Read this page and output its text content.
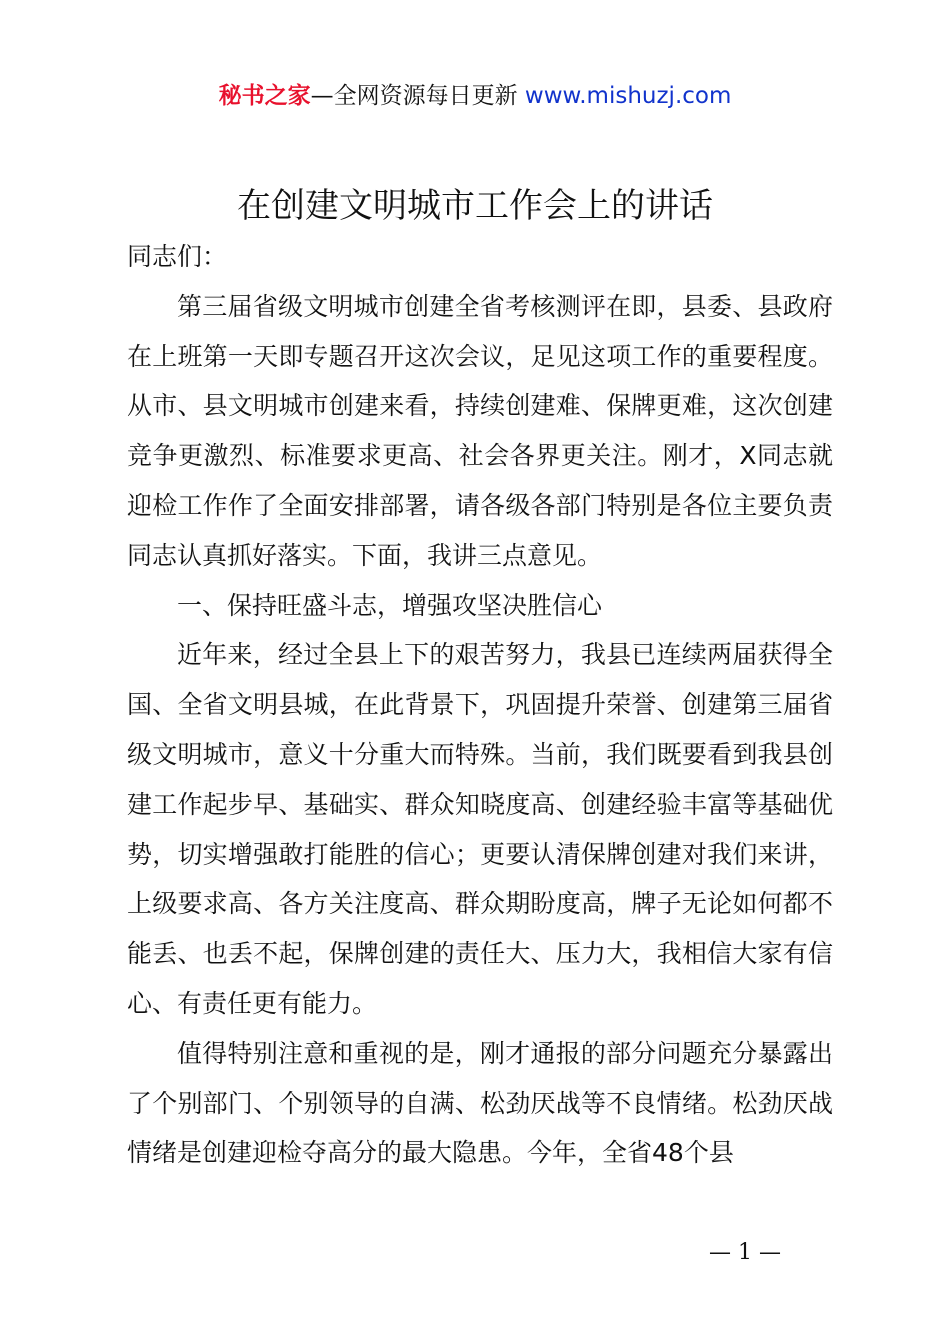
秘书之家—全网资源每日更新 www.mishuzj.com
在创建文明城市工作会上的讲话

同志们：

第三届省级文明城市创建全省考核测评在即，县委、县政府在上班第一天即专题召开这次会议，足见这项工作的重要程度。从市、县文明城市创建来看，持续创建难、保牌更难，这次创建竞争更激烈、标准要求更高、社会各界更关注。刚才，X同志就迎检工作作了全面安排部署，请各级各部门特别是各位主要负责同志认真抓好落实。下面，我讲三点意见。

一、保持旺盛斗志，增强攻坚决胜信心

近年来，经过全县上下的艰苦努力，我县已连续两届获得全国、全省文明县城，在此背景下，巩固提升荣誉、创建第三届省级文明城市，意义十分重大而特殊。当前，我们既要看到我县创建工作起步早、基础实、群众知晓度高、创建经验丰富等基础优势，切实增强敢打能胜的信心；更要认清保牌创建对我们来讲，上级要求高、各方关注度高、群众期盼度高，牌子无论如何都不能丢、也丢不起，保牌创建的责任大、压力大，我相信大家有信心、有责任更有能力。

值得特别注意和重视的是，刚才通报的部分问题充分暴露出了个别部门、个别领导的自满、松劲厌战等不良情绪。松劲厌战情绪是创建迎检夺高分的最大隐患。今年，全省48个县

— 1 —
